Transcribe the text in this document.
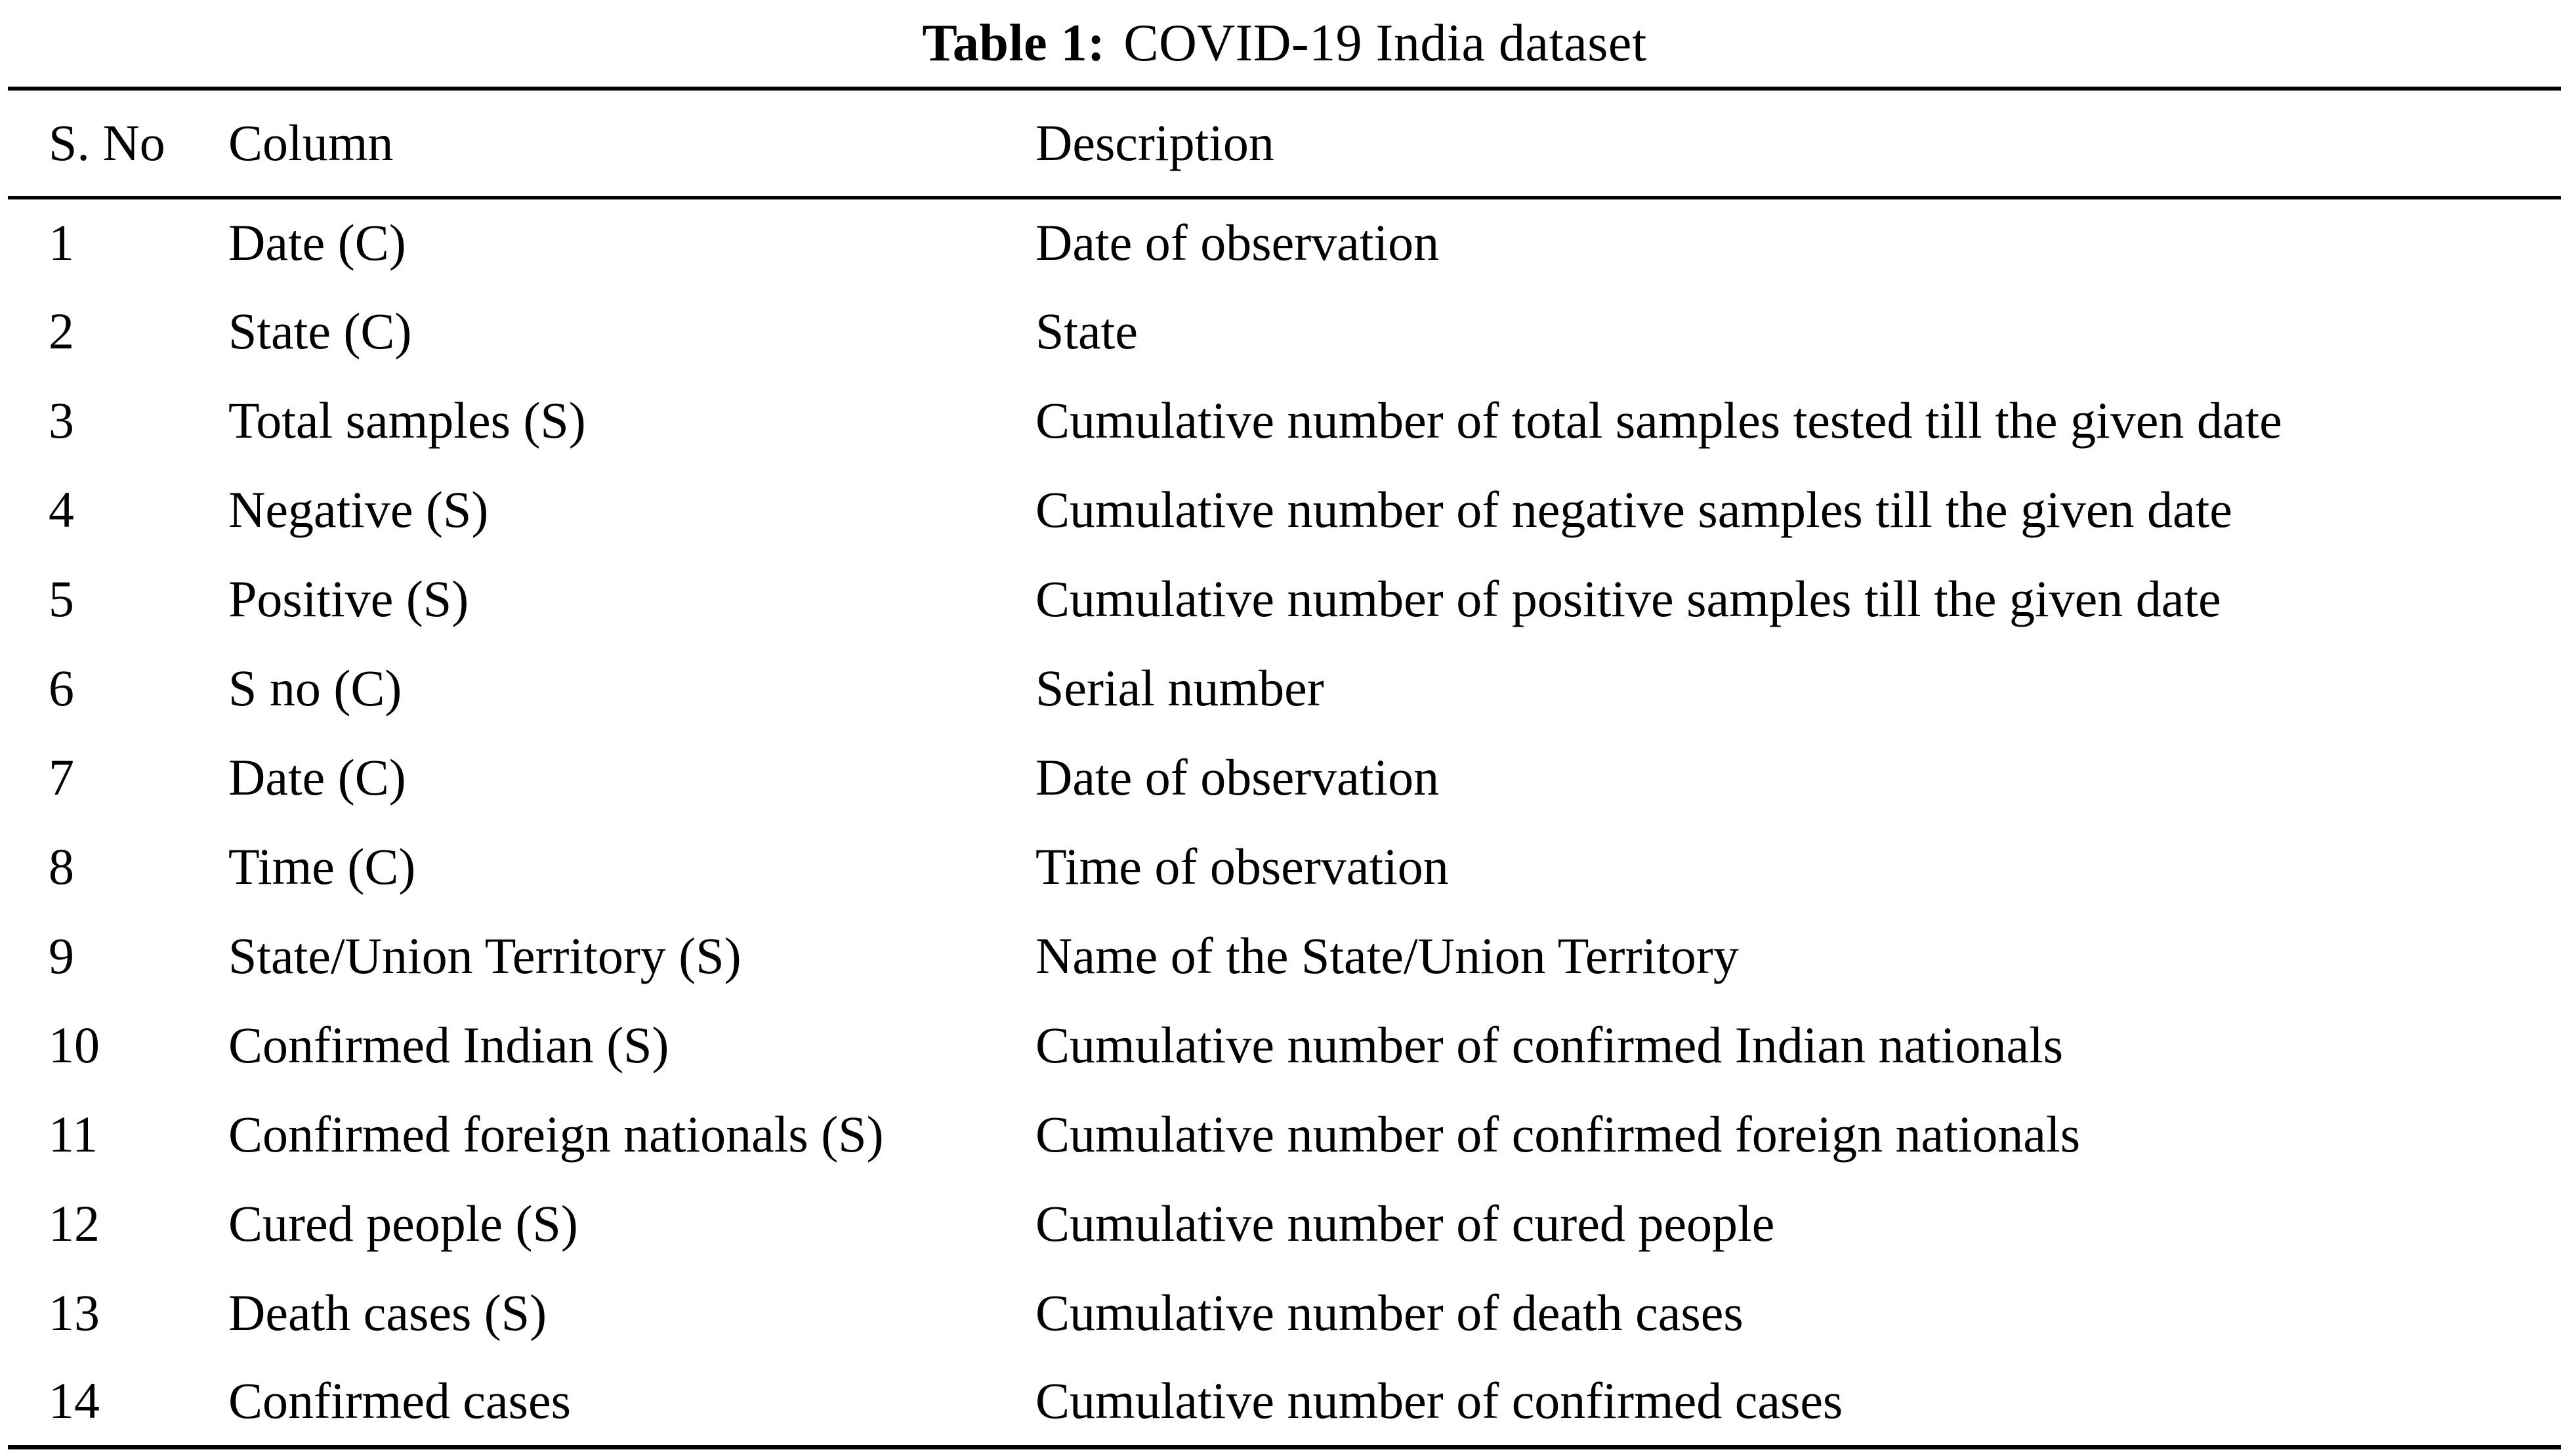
Table 1: COVID-19 India dataset
S. No	Column	Description
1	Date (C)	Date of observation
2	State (C)	State
3	Total samples (S)	Cumulative number of total samples tested till the given date
4	Negative (S)	Cumulative number of negative samples till the given date
5	Positive (S)	Cumulative number of positive samples till the given date
6	S no (C)	Serial number
7	Date (C)	Date of observation
8	Time (C)	Time of observation
9	State/Union Territory (S)	Name of the State/Union Territory
10	Confirmed Indian (S)	Cumulative number of confirmed Indian nationals
11	Confirmed foreign nationals (S)	Cumulative number of confirmed foreign nationals
12	Cured people (S)	Cumulative number of cured people
13	Death cases (S)	Cumulative number of death cases
14	Confirmed cases	Cumulative number of confirmed cases
